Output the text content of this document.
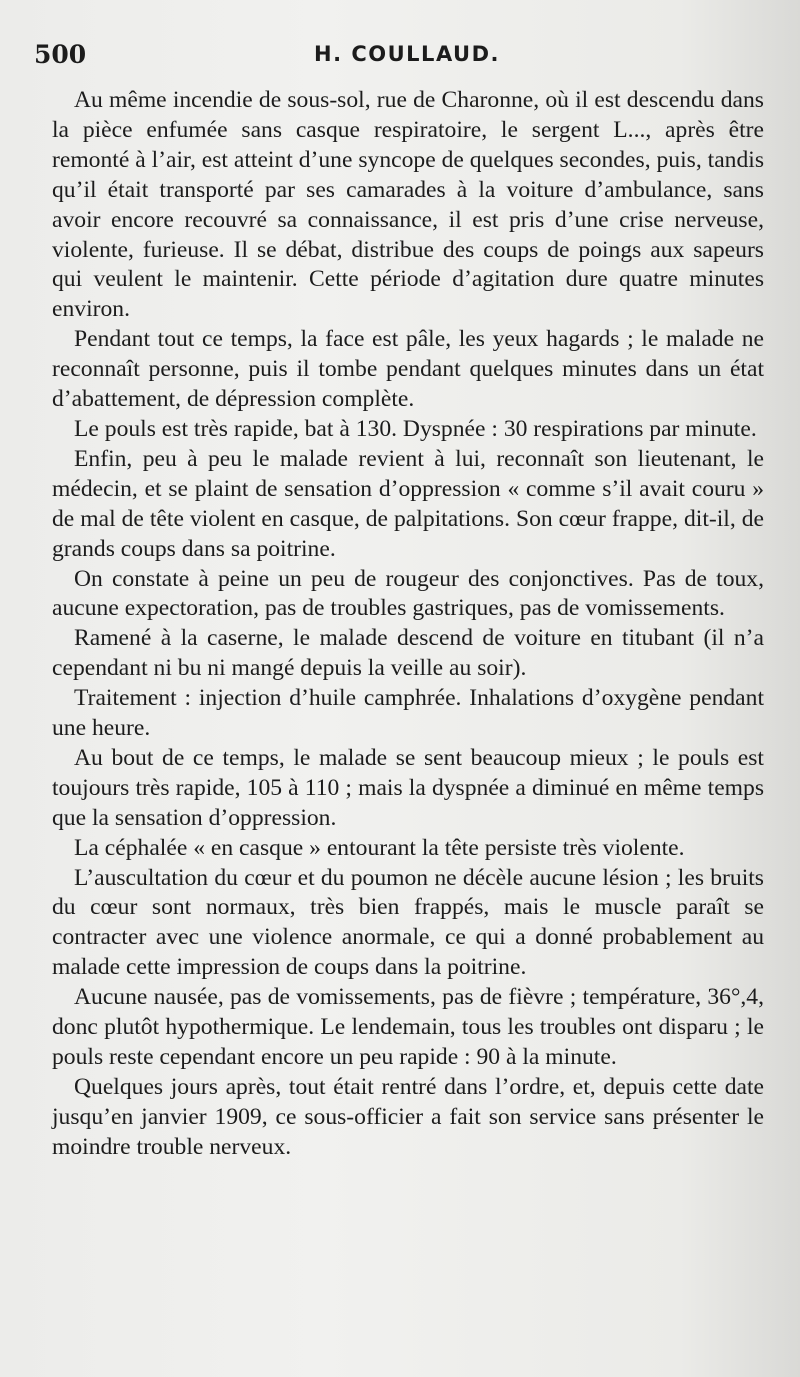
500	H. COULLAUD.

Au même incendie de sous-sol, rue de Charonne, où il est descendu dans la pièce enfumée sans casque respiratoire, le sergent L..., après être remonté à l’air, est atteint d’une syncope de quelques secondes, puis, tandis qu’il était transporté par ses camarades à la voiture d’ambulance, sans avoir encore recouvré sa connaissance, il est pris d’une crise nerveuse, violente, furieuse. Il se débat, distribue des coups de poings aux sapeurs qui veulent le maintenir. Cette période d’agitation dure quatre minutes environ.

Pendant tout ce temps, la face est pâle, les yeux hagards ; le malade ne reconnaît personne, puis il tombe pendant quelques minutes dans un état d’abattement, de dépression complète.

Le pouls est très rapide, bat à 130. Dyspnée : 30 respirations par minute.

Enfin, peu à peu le malade revient à lui, reconnaît son lieutenant, le médecin, et se plaint de sensation d’oppression « comme s’il avait couru » de mal de tête violent en casque, de palpitations. Son cœur frappe, dit-il, de grands coups dans sa poitrine.

On constate à peine un peu de rougeur des conjonctives. Pas de toux, aucune expectoration, pas de troubles gastriques, pas de vomissements.

Ramené à la caserne, le malade descend de voiture en titubant (il n’a cependant ni bu ni mangé depuis la veille au soir).

Traitement : injection d’huile camphrée. Inhalations d’oxygène pendant une heure.

Au bout de ce temps, le malade se sent beaucoup mieux ; le pouls est toujours très rapide, 105 à 110 ; mais la dyspnée a diminué en même temps que la sensation d’oppression.

La céphalée « en casque » entourant la tête persiste très violente.

L’auscultation du cœur et du poumon ne décèle aucune lésion ; les bruits du cœur sont normaux, très bien frappés, mais le muscle paraît se contracter avec une violence anormale, ce qui a donné probablement au malade cette impression de coups dans la poitrine.

Aucune nausée, pas de vomissements, pas de fièvre ; température, 36°,4, donc plutôt hypothermique. Le lendemain, tous les troubles ont disparu ; le pouls reste cependant encore un peu rapide : 90 à la minute.

Quelques jours après, tout était rentré dans l’ordre, et, depuis cette date jusqu’en janvier 1909, ce sous-officier a fait son service sans présenter le moindre trouble nerveux.
